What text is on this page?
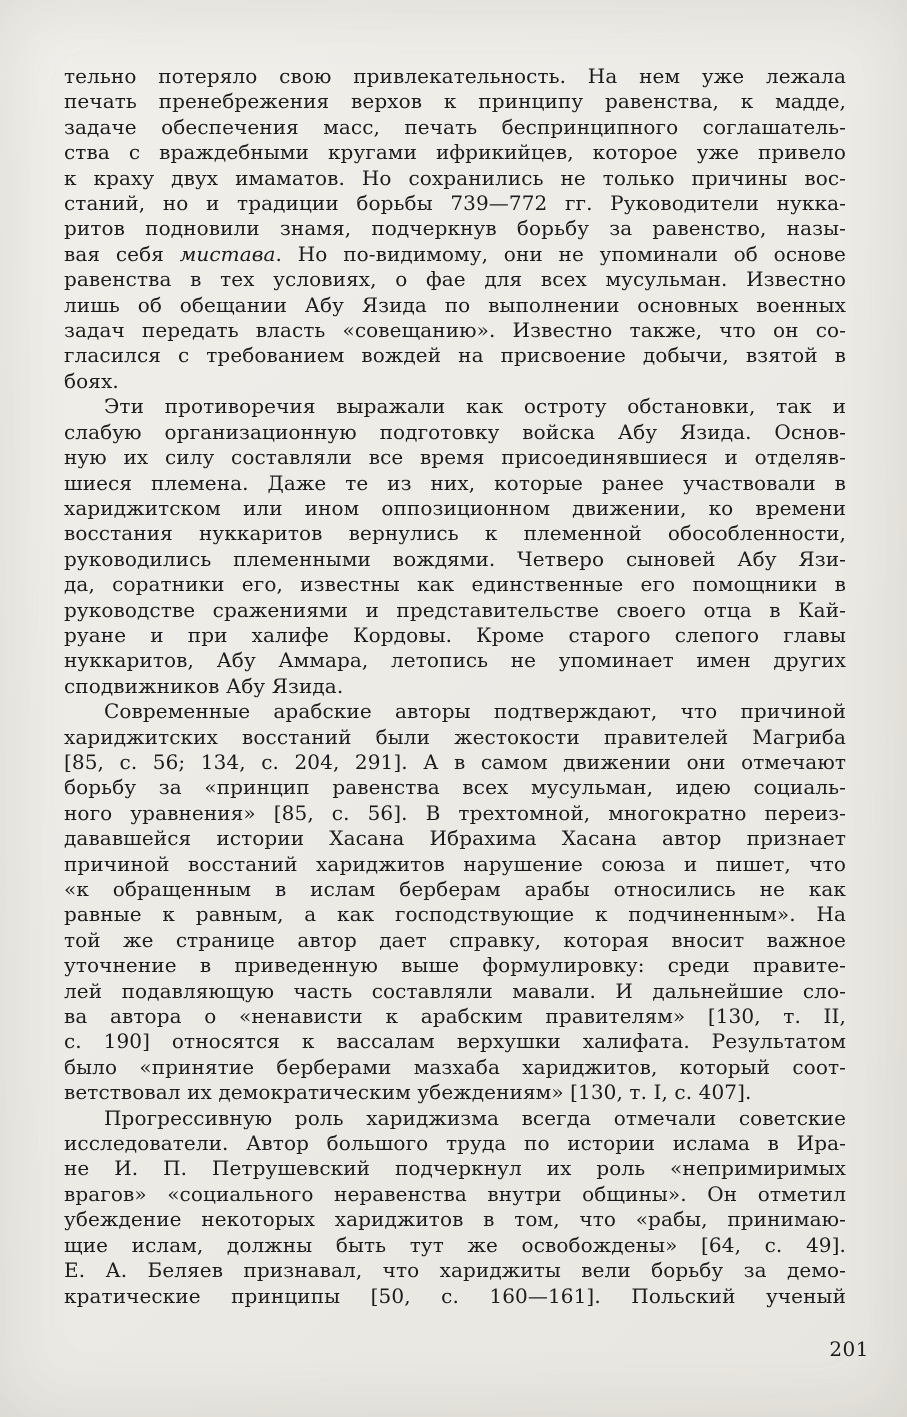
тельно потеряло свою привлекательность. На нем уже лежала
печать пренебрежения верхов к принципу равенства, к мадде,
задаче обеспечения масс, печать беспринципного соглашатель-
ства с враждебными кругами ифрикийцев, которое уже привело
к краху двух имаматов. Но сохранились не только причины вос-
станий, но и традиции борьбы 739—772 гг. Руководители нукка-
ритов подновили знамя, подчеркнув борьбу за равенство, назы-
вая себя мистава. Но по-видимому, они не упоминали об основе
равенства в тех условиях, о фае для всех мусульман. Известно
лишь об обещании Абу Язида по выполнении основных военных
задач передать власть «совещанию». Известно также, что он со-
гласился с требованием вождей на присвоение добычи, взятой в
боях.
Эти противоречия выражали как остроту обстановки, так и
слабую организационную подготовку войска Абу Язида. Основ-
ную их силу составляли все время присоединявшиеся и отделяв-
шиеся племена. Даже те из них, которые ранее участвовали в
хариджитском или ином оппозиционном движении, ко времени
восстания нуккаритов вернулись к племенной обособленности,
руководились племенными вождями. Четверо сыновей Абу Язи-
да, соратники его, известны как единственные его помощники в
руководстве сражениями и представительстве своего отца в Кай-
руане и при халифе Кордовы. Кроме старого слепого главы
нуккаритов, Абу Аммара, летопись не упоминает имен других
сподвижников Абу Язида.
Современные арабские авторы подтверждают, что причиной
хариджитских восстаний были жестокости правителей Магриба
[85, с. 56; 134, с. 204, 291]. А в самом движении они отмечают
борьбу за «принцип равенства всех мусульман, идею социаль-
ного уравнения» [85, с. 56]. В трехтомной, многократно переиз-
дававшейся истории Хасана Ибрахима Хасана автор признает
причиной восстаний хариджитов нарушение союза и пишет, что
«к обращенным в ислам берберам арабы относились не как
равные к равным, а как господствующие к подчиненным». На
той же странице автор дает справку, которая вносит важное
уточнение в приведенную выше формулировку: среди правите-
лей подавляющую часть составляли мавали. И дальнейшие сло-
ва автора о «ненависти к арабским правителям» [130, т. II,
с. 190] относятся к вассалам верхушки халифата. Результатом
было «принятие берберами мазхаба хариджитов, который соот-
ветствовал их демократическим убеждениям» [130, т. I, с. 407].
Прогрессивную роль хариджизма всегда отмечали советские
исследователи. Автор большого труда по истории ислама в Ира-
не И. П. Петрушевский подчеркнул их роль «непримиримых
врагов» «социального неравенства внутри общины». Он отметил
убеждение некоторых хариджитов в том, что «рабы, принимаю-
щие ислам, должны быть тут же освобождены» [64, с. 49].
Е. А. Беляев признавал, что хариджиты вели борьбу за демо-
кратические принципы [50, с. 160—161]. Польский ученый
201
